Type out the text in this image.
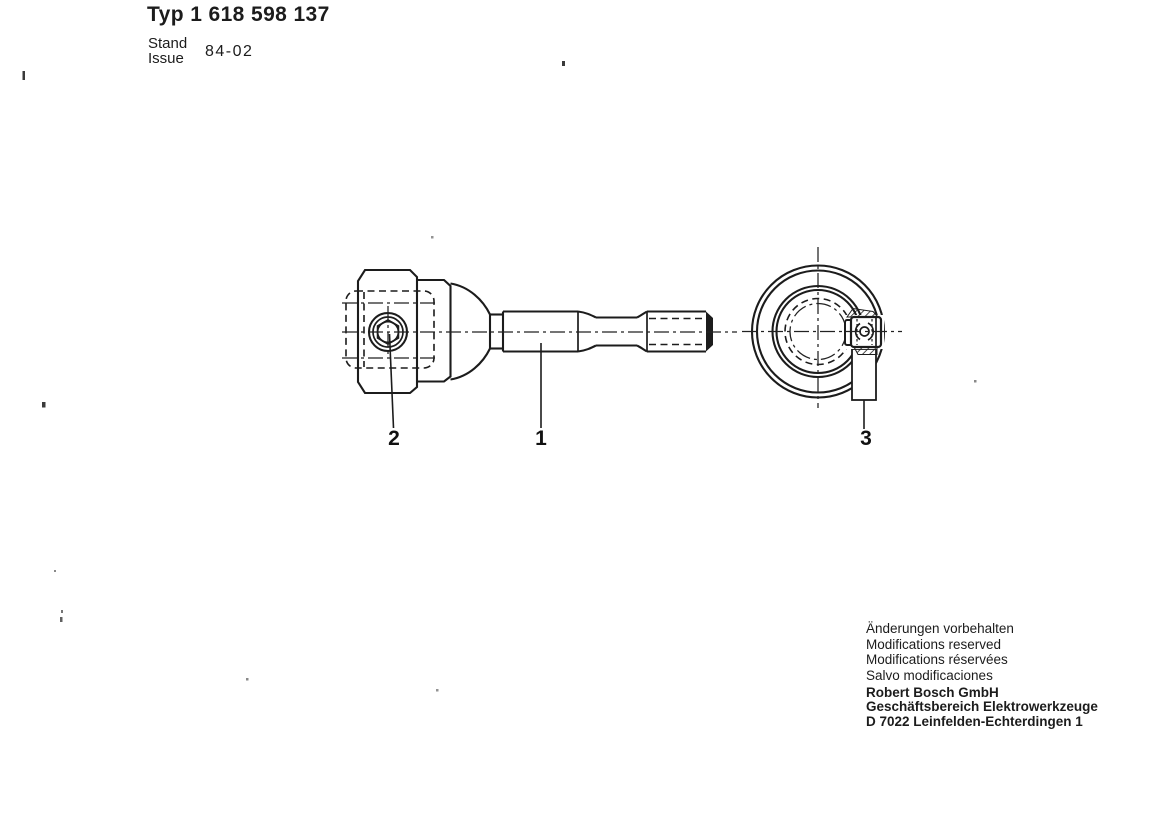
Typ 1 618 598 137
Stand
Issue 84-02
1
2	3
Änderungen vorbehalten
Modifications reserved
Modifications réservées
Salvo modificaciones
Robert Bosch GmbH
Geschäftsbereich Elektrowerkzeuge
D 7022 Leinfelden-Echterdingen 1
